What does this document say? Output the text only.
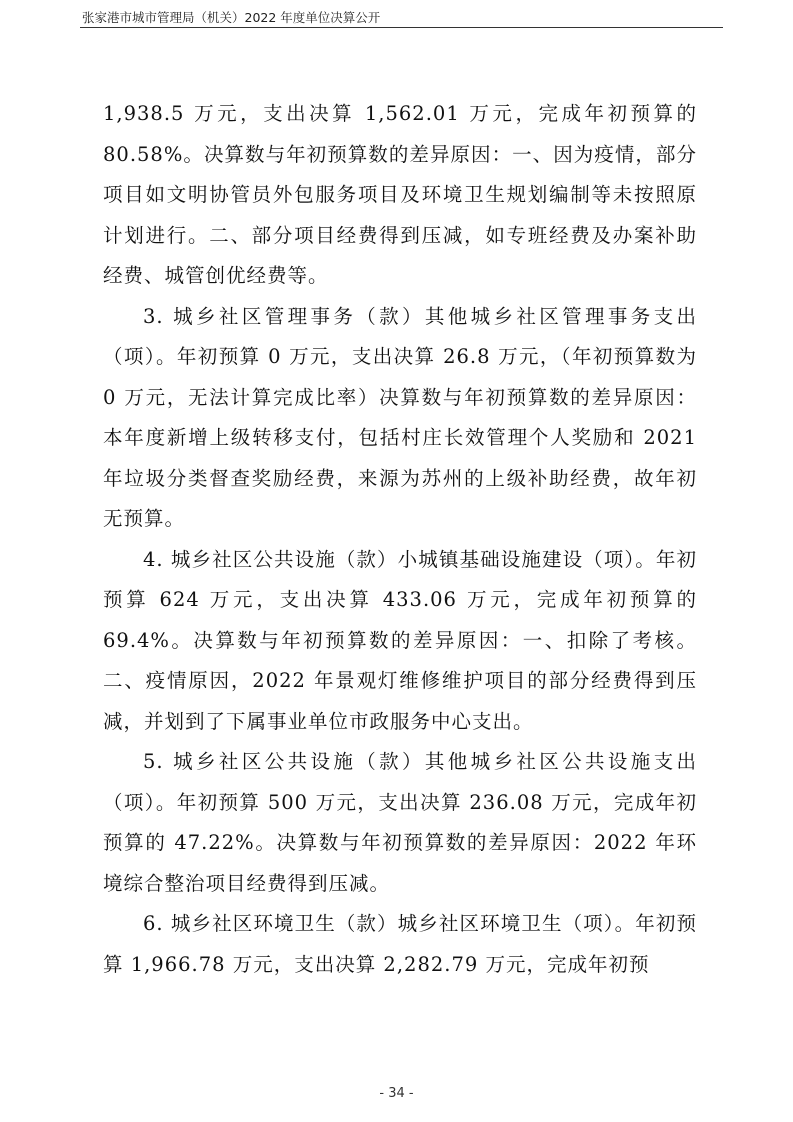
张家港市城市管理局（机关）2022 年度单位决算公开

1,938.5 万元，支出决算 1,562.01 万元，完成年初预算的 80.58%。决算数与年初预算数的差异原因：一、因为疫情，部分项目如文明协管员外包服务项目及环境卫生规划编制等未按照原计划进行。二、部分项目经费得到压减，如专班经费及办案补助经费、城管创优经费等。

3. 城乡社区管理事务（款）其他城乡社区管理事务支出（项）。年初预算 0 万元，支出决算 26.8 万元，（年初预算数为 0 万元，无法计算完成比率）决算数与年初预算数的差异原因：本年度新增上级转移支付，包括村庄长效管理个人奖励和 2021 年垃圾分类督查奖励经费，来源为苏州的上级补助经费，故年初无预算。

4. 城乡社区公共设施（款）小城镇基础设施建设（项）。年初预算 624 万元，支出决算 433.06 万元，完成年初预算的 69.4%。决算数与年初预算数的差异原因：一、扣除了考核。二、疫情原因，2022 年景观灯维修维护项目的部分经费得到压减，并划到了下属事业单位市政服务中心支出。

5. 城乡社区公共设施（款）其他城乡社区公共设施支出（项）。年初预算 500 万元，支出决算 236.08 万元，完成年初预算的 47.22%。决算数与年初预算数的差异原因：2022 年环境综合整治项目经费得到压减。

6. 城乡社区环境卫生（款）城乡社区环境卫生（项）。年初预算 1,966.78 万元，支出决算 2,282.79 万元，完成年初预

- 34 -
